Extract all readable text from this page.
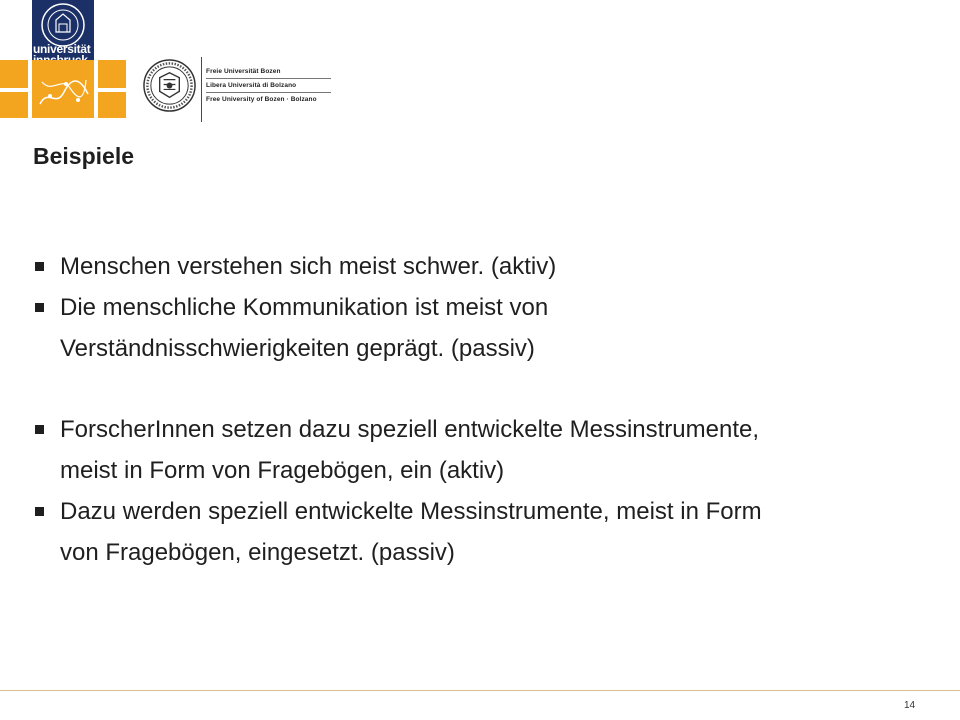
universität
Freie Universität Bozen
Libera Università di Bolzano
Free University of Bozen · Bolzano
Beispiele
Menschen verstehen sich meist schwer. (aktiv)
Die menschliche Kommunikation ist meist von
Verständnisschwierigkeiten geprägt. (passiv)
ForscherInnen setzen dazu speziell entwickelte Messinstrumente,
meist in Form von Fragebögen, ein (aktiv)
Dazu werden speziell entwickelte Messinstrumente, meist in Form
von Fragebögen, eingesetzt. (passiv)
14
